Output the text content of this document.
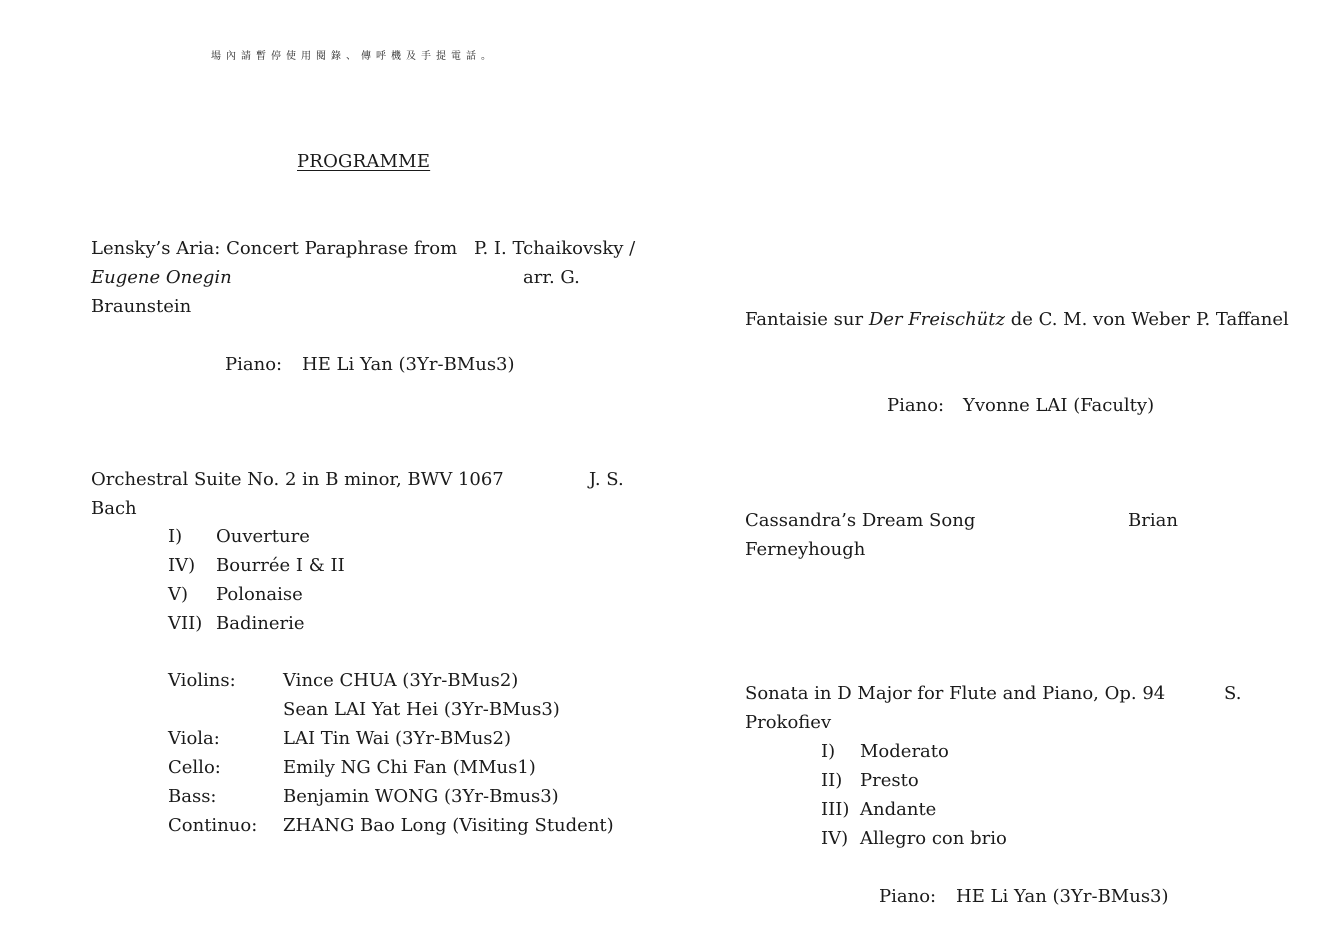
場內請暫停使用閱錄、傳呼機及手提電話。
PROGRAMME
Lensky’s Aria: Concert Paraphrase from P. I. Tchaikovsky /
Eugene Onegin	arr. G.
Braunstein
Piano: HE Li Yan (3Yr-BMus3)
Orchestral Suite No. 2 in B minor, BWV 1067	J. S.
Bach
I) Ouverture
IV) Bourrée I & II
V) Polonaise
VII) Badinerie
Violins:	Vince CHUA (3Yr-BMus2)
Sean LAI Yat Hei (3Yr-BMus3)
Viola:	LAI Tin Wai (3Yr-BMus2)
Cello:	Emily NG Chi Fan (MMus1)
Bass:	Benjamin WONG (3Yr-Bmus3)
Continuo: ZHANG Bao Long (Visiting Student)
Fantaisie sur Der Freischütz de C. M. von Weber P. Taffanel
Piano: Yvonne LAI (Faculty)
Cassandra’s Dream Song	Brian
Ferneyhough
Sonata in D Major for Flute and Piano, Op. 94	S.
Prokofiev
I) Moderato
II) Presto
III) Andante
IV) Allegro con brio
Piano: HE Li Yan (3Yr-BMus3)
